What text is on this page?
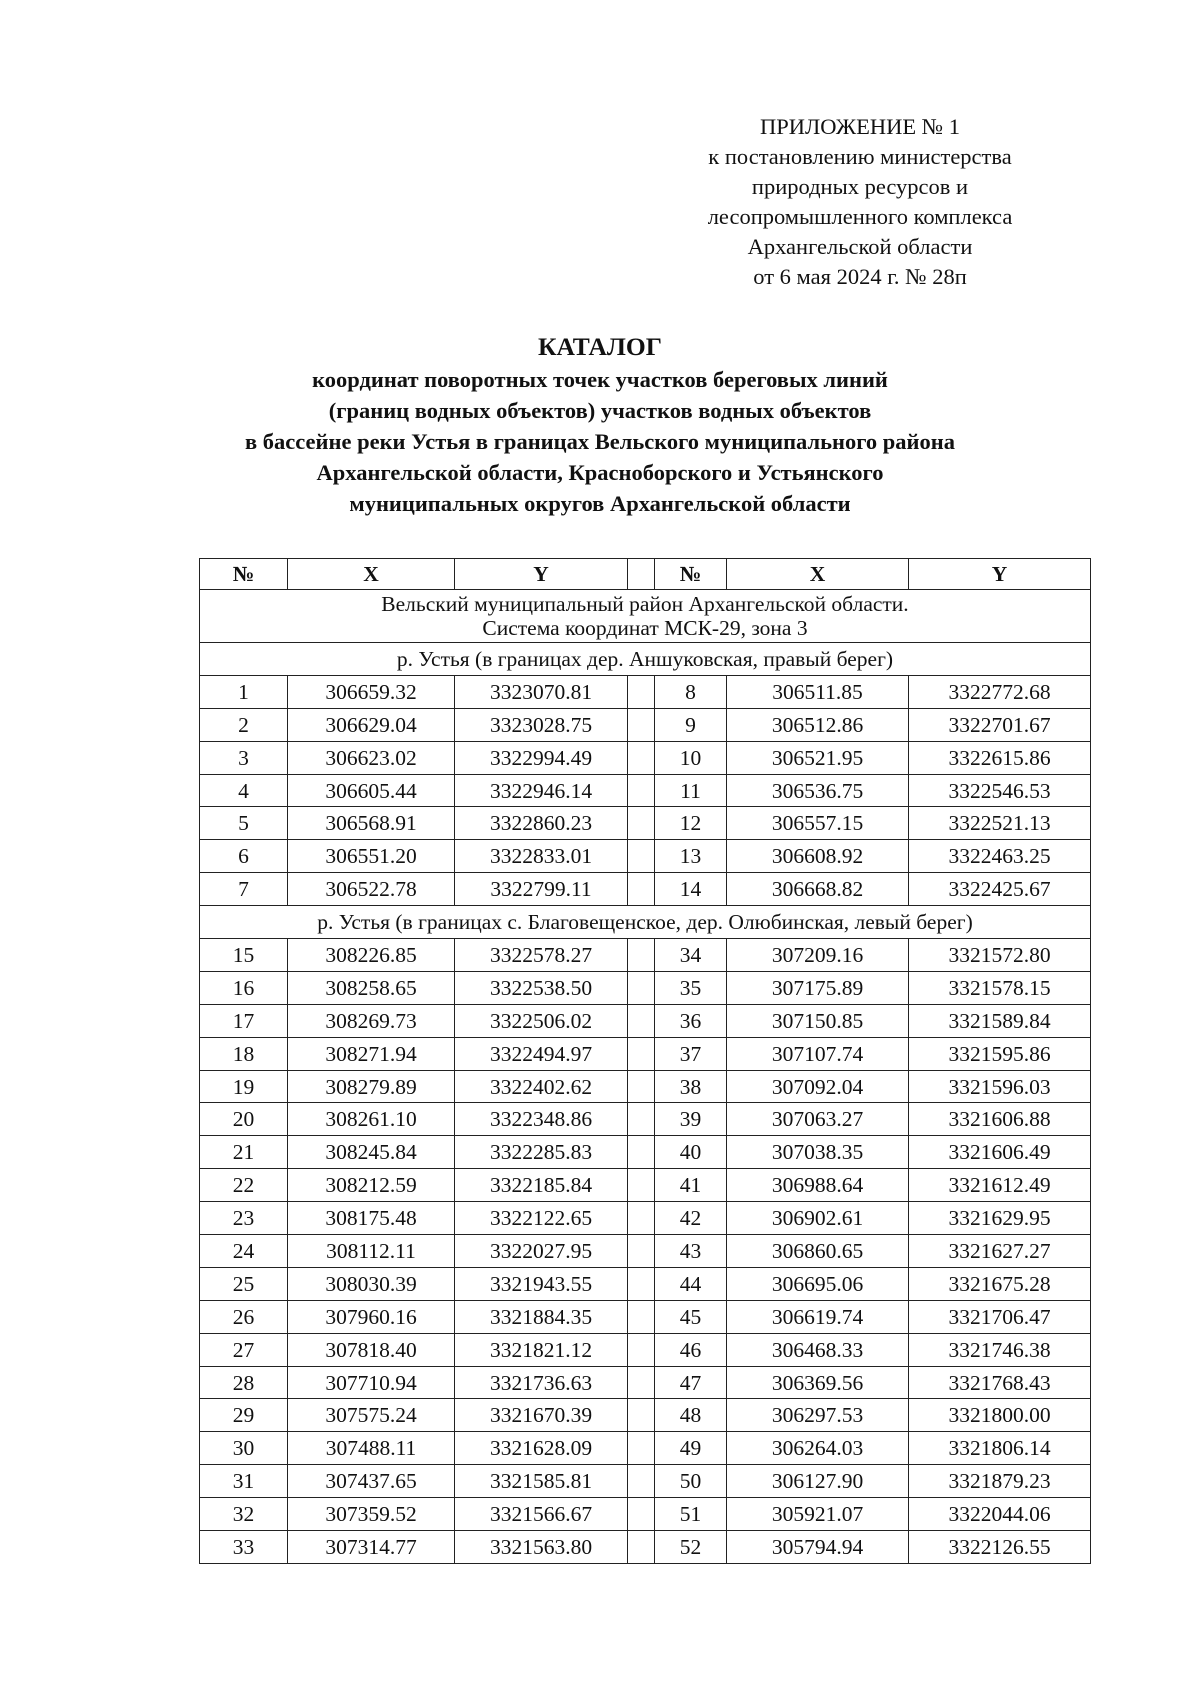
ПРИЛОЖЕНИЕ № 1
к постановлению министерства
природных ресурсов и
лесопромышленного комплекса
Архангельской области
от 6 мая 2024 г. № 28п
КАТАЛОГ
координат поворотных точек участков береговых линий
(границ водных объектов) участков водных объектов
в бассейне реки Устья в границах Вельского муниципального района
Архангельской области, Красноборского и Устьянского
муниципальных округов Архангельской области
№	X	Y		№	X	Y

Вельский муниципальный район Архангельской области.
Система координат МСК-29, зона 3						

р. Устья (в границах дер. Аншуковская, правый берег)						
1	306659.32	3323070.81		8	306511.85	3322772.68
2	306629.04	3323028.75		9	306512.86	3322701.67
3	306623.02	3322994.49		10	306521.95	3322615.86
4	306605.44	3322946.14		11	306536.75	3322546.53
5	306568.91	3322860.23		12	306557.15	3322521.13
6	306551.20	3322833.01		13	306608.92	3322463.25
7	306522.78	3322799.11		14	306668.82	3322425.67
р. Устья (в границах с. Благовещенское, дер. Олюбинская, левый берег)						
15	308226.85	3322578.27		34	307209.16	3321572.80
16	308258.65	3322538.50		35	307175.89	3321578.15
17	308269.73	3322506.02		36	307150.85	3321589.84
18	308271.94	3322494.97		37	307107.74	3321595.86
19	308279.89	3322402.62		38	307092.04	3321596.03
20	308261.10	3322348.86		39	307063.27	3321606.88
21	308245.84	3322285.83		40	307038.35	3321606.49
22	308212.59	3322185.84		41	306988.64	3321612.49
23	308175.48	3322122.65		42	306902.61	3321629.95
24	308112.11	3322027.95		43	306860.65	3321627.27
25	308030.39	3321943.55		44	306695.06	3321675.28
26	307960.16	3321884.35		45	306619.74	3321706.47
27	307818.40	3321821.12		46	306468.33	3321746.38
28	307710.94	3321736.63		47	306369.56	3321768.43
29	307575.24	3321670.39		48	306297.53	3321800.00
30	307488.11	3321628.09		49	306264.03	3321806.14
31	307437.65	3321585.81		50	306127.90	3321879.23
32	307359.52	3321566.67		51	305921.07	3322044.06
33	307314.77	3321563.80		52	305794.94	3322126.55
